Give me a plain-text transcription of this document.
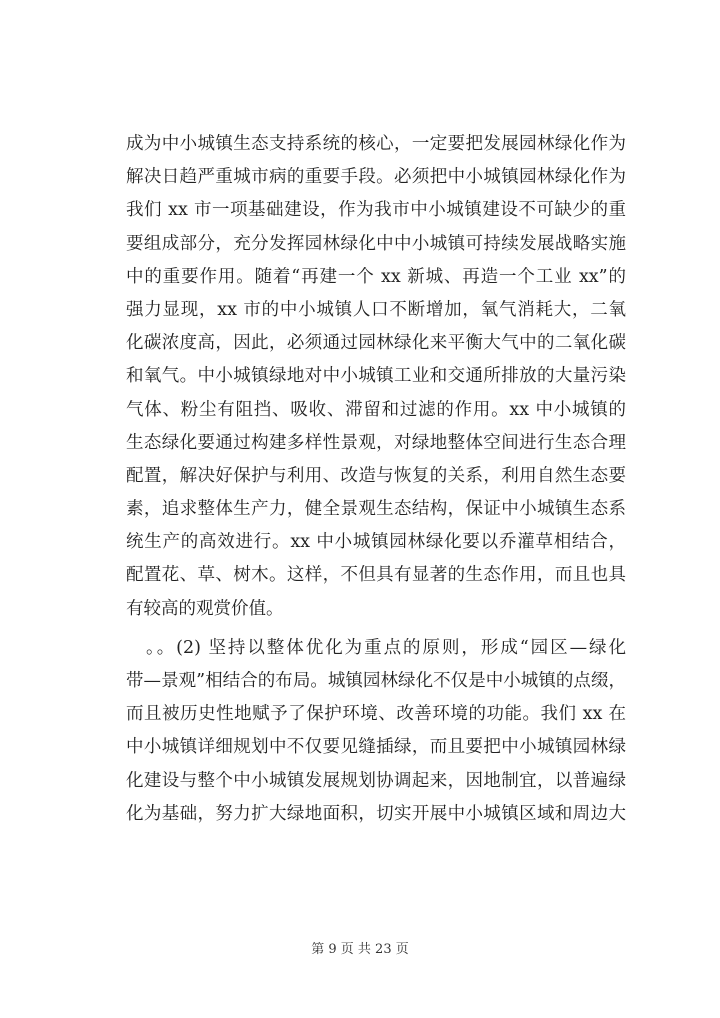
成为中小城镇生态支持系统的核心，一定要把发展园林绿化作为
解决日趋严重城市病的重要手段。必须把中小城镇园林绿化作为
我们 xx 市一项基础建设，作为我市中小城镇建设不可缺少的重
要组成部分，充分发挥园林绿化中中小城镇可持续发展战略实施
中的重要作用。随着“再建一个 xx 新城、再造一个工业 xx”的
强力显现，xx 市的中小城镇人口不断增加，氧气消耗大，二氧
化碳浓度高，因此，必须通过园林绿化来平衡大气中的二氧化碳
和氧气。中小城镇绿地对中小城镇工业和交通所排放的大量污染
气体、粉尘有阻挡、吸收、滞留和过滤的作用。xx 中小城镇的
生态绿化要通过构建多样性景观，对绿地整体空间进行生态合理
配置，解决好保护与利用、改造与恢复的关系，利用自然生态要
素，追求整体生产力，健全景观生态结构，保证中小城镇生态系
统生产的高效进行。xx 中小城镇园林绿化要以乔灌草相结合，
配置花、草、树木。这样，不但具有显著的生态作用，而且也具
有较高的观赏价值。
。。(2) 坚持以整体优化为重点的原则，形成“园区—绿化
带—景观”相结合的布局。城镇园林绿化不仅是中小城镇的点缀，
而且被历史性地赋予了保护环境、改善环境的功能。我们 xx 在
中小城镇详细规划中不仅要见缝插绿，而且要把中小城镇园林绿
化建设与整个中小城镇发展规划协调起来，因地制宜，以普遍绿
化为基础，努力扩大绿地面积，切实开展中小城镇区域和周边大
第 9 页 共 23 页
